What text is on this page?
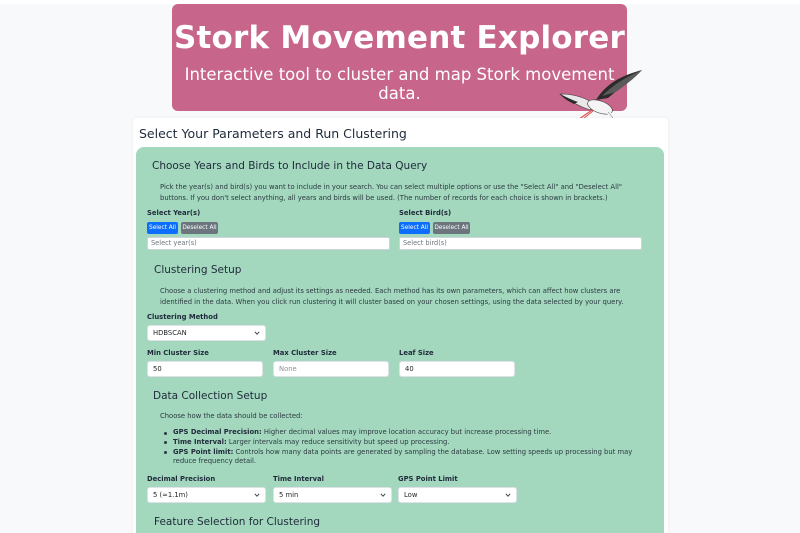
Stork Movement Explorer
Interactive tool to cluster and map Stork movement data.
Select Your Parameters and Run Clustering
Choose Years and Birds to Include in the Data Query
Pick the year(s) and bird(s) you want to include in your search. You can select multiple options or use the "Select All" and "Deselect All" buttons. If you don't select anything, all years and birds will be used. (The number of records for each choice is shown in brackets.)
Select Year(s)
Select All	Deselect All
Select year(s)
Select Bird(s)
Select All	Deselect All
Select bird(s)
Clustering Setup
Choose a clustering method and adjust its settings as needed. Each method has its own parameters, which can affect how clusters are identified in the data. When you click run clustering it will cluster based on your chosen settings, using the data selected by your query.
Clustering Method
HDBSCAN
Min Cluster Size
50
Max Cluster Size
None
Leaf Size
40
Data Collection Setup
Choose how the data should be collected:
GPS Decimal Precision: Higher decimal values may improve location accuracy but increase processing time.
Time Interval: Larger intervals may reduce sensitivity but speed up processing.
GPS Point limit: Controls how many data points are generated by sampling the database. Low setting speeds up processing but may reduce frequency detail.
Decimal Precision
5 (≈1.1m)
Time Interval
5 min
GPS Point Limit
Low
Feature Selection for Clustering
